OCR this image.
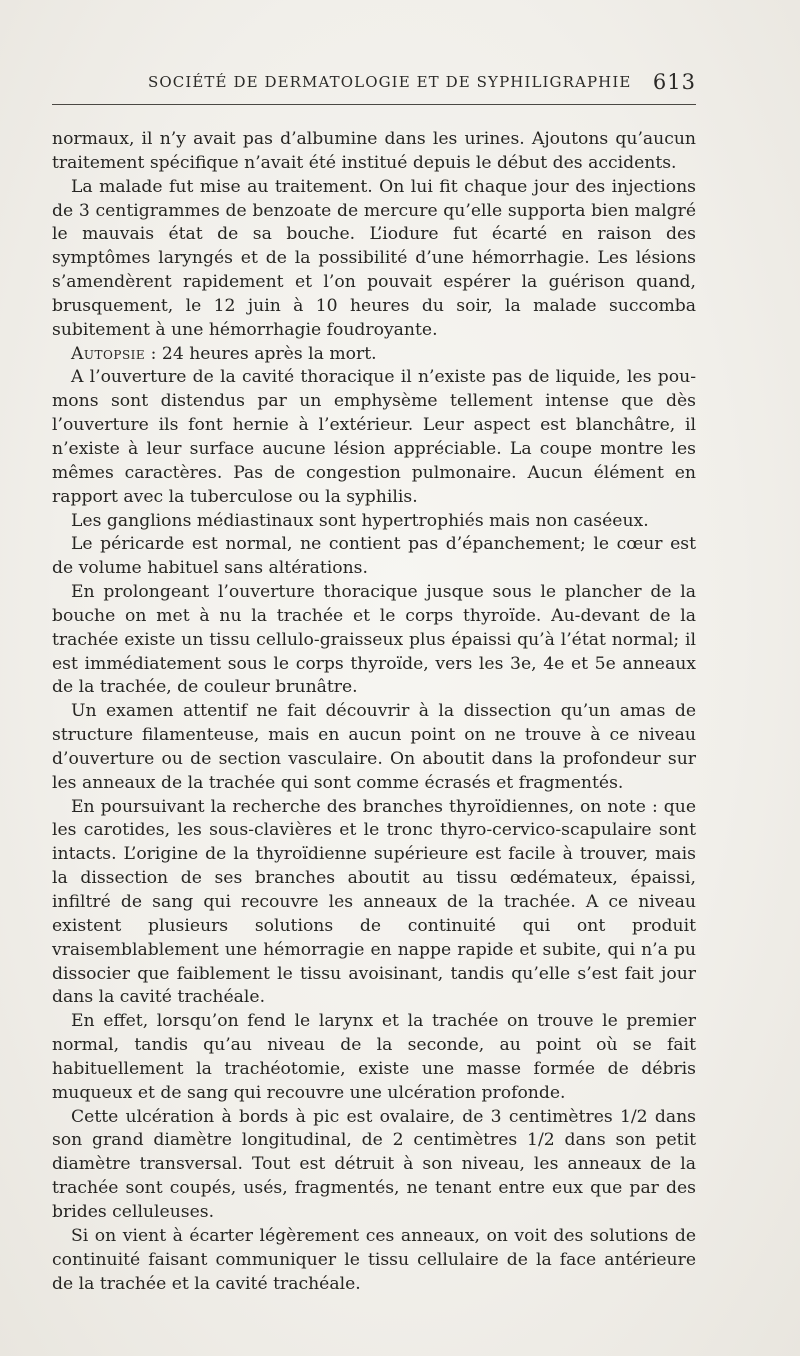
SOCIÉTÉ DE DERMATOLOGIE ET DE SYPHILIGRAPHIE 613

normaux, il n’y avait pas d’albumine dans les urines. Ajoutons qu’aucun traitement spécifique n’avait été institué depuis le début des accidents.

La malade fut mise au traitement. On lui fit chaque jour des injections de 3 centigrammes de benzoate de mercure qu’elle supporta bien malgré le mauvais état de sa bouche. L’iodure fut écarté en raison des symptômes laryngés et de la possibilité d’une hémorrhagie. Les lésions s’amendèrent rapidement et l’on pouvait espérer la guérison quand, brusquement, le 12 juin à 10 heures du soir, la malade succomba subitement à une hémorrhagie foudroyante.

Autopsie : 24 heures après la mort.

A l’ouverture de la cavité thoracique il n’existe pas de liquide, les poumons sont distendus par un emphysème tellement intense que dès l’ouverture ils font hernie à l’extérieur. Leur aspect est blanchâtre, il n’existe à leur surface aucune lésion appréciable. La coupe montre les mêmes caractères. Pas de congestion pulmonaire. Aucun élément en rapport avec la tuberculose ou la syphilis.

Les ganglions médiastinaux sont hypertrophiés mais non caséeux.

Le péricarde est normal, ne contient pas d’épanchement; le cœur est de volume habituel sans altérations.

En prolongeant l’ouverture thoracique jusque sous le plancher de la bouche on met à nu la trachée et le corps thyroïde. Au-devant de la trachée existe un tissu cellulo-graisseux plus épaissi qu’à l’état normal; il est immédiatement sous le corps thyroïde, vers les 3e, 4e et 5e anneaux de la trachée, de couleur brunâtre.

Un examen attentif ne fait découvrir à la dissection qu’un amas de structure filamenteuse, mais en aucun point on ne trouve à ce niveau d’ouverture ou de section vasculaire. On aboutit dans la profondeur sur les anneaux de la trachée qui sont comme écrasés et fragmentés.

En poursuivant la recherche des branches thyroïdiennes, on note : que les carotides, les sous-clavières et le tronc thyro-cervico-scapulaire sont intacts. L’origine de la thyroïdienne supérieure est facile à trouver, mais la dissection de ses branches aboutit au tissu œdémateux, épaissi, infiltré de sang qui recouvre les anneaux de la trachée. A ce niveau existent plusieurs solutions de continuité qui ont produit vraisemblablement une hémorragie en nappe rapide et subite, qui n’a pu dissocier que faiblement le tissu avoisinant, tandis qu’elle s’est fait jour dans la cavité trachéale.

En effet, lorsqu’on fend le larynx et la trachée on trouve le premier normal, tandis qu’au niveau de la seconde, au point où se fait habituellement la trachéotomie, existe une masse formée de débris muqueux et de sang qui recouvre une ulcération profonde.

Cette ulcération à bords à pic est ovalaire, de 3 centimètres 1/2 dans son grand diamètre longitudinal, de 2 centimètres 1/2 dans son petit diamètre transversal. Tout est détruit à son niveau, les anneaux de la trachée sont coupés, usés, fragmentés, ne tenant entre eux que par des brides celluleuses.

Si on vient à écarter légèrement ces anneaux, on voit des solutions de continuité faisant communiquer le tissu cellulaire de la face antérieure de la trachée et la cavité trachéale.
